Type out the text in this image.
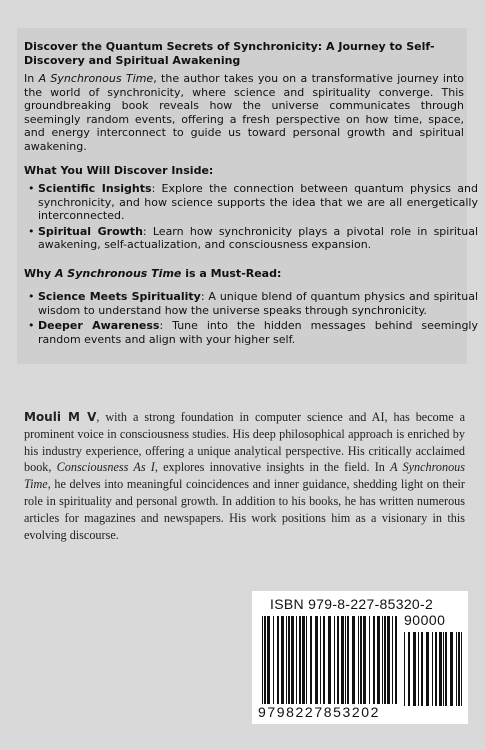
Discover the Quantum Secrets of Synchronicity: A Journey to Self-Discovery and Spiritual Awakening
In A Synchronous Time, the author takes you on a transformative journey into the world of synchronicity, where science and spirituality converge. This groundbreaking book reveals how the universe communicates through seemingly random events, offering a fresh perspective on how time, space, and energy interconnect to guide us toward personal growth and spiritual awakening.
What You Will Discover Inside:
• Scientific Insights: Explore the connection between quantum physics and synchronicity, and how science supports the idea that we are all energetically interconnected.
• Spiritual Growth: Learn how synchronicity plays a pivotal role in spiritual awakening, self-actualization, and consciousness expansion.
Why A Synchronous Time is a Must-Read:
• Science Meets Spirituality: A unique blend of quantum physics and spiritual wisdom to understand how the universe speaks through synchronicity.
• Deeper Awareness: Tune into the hidden messages behind seemingly random events and align with your higher self.
Mouli M V, with a strong foundation in computer science and AI, has become a prominent voice in consciousness studies. His deep philosophical approach is enriched by his industry experience, offering a unique analytical perspective. His critically acclaimed book, Consciousness As I, explores innovative insights in the field. In A Synchronous Time, he delves into meaningful coincidences and inner guidance, shedding light on their role in spirituality and personal growth. In addition to his books, he has written numerous articles for magazines and newspapers. His work positions him as a visionary in this evolving discourse.
ISBN 979-8-227-85320-2
90000
9798227853202
